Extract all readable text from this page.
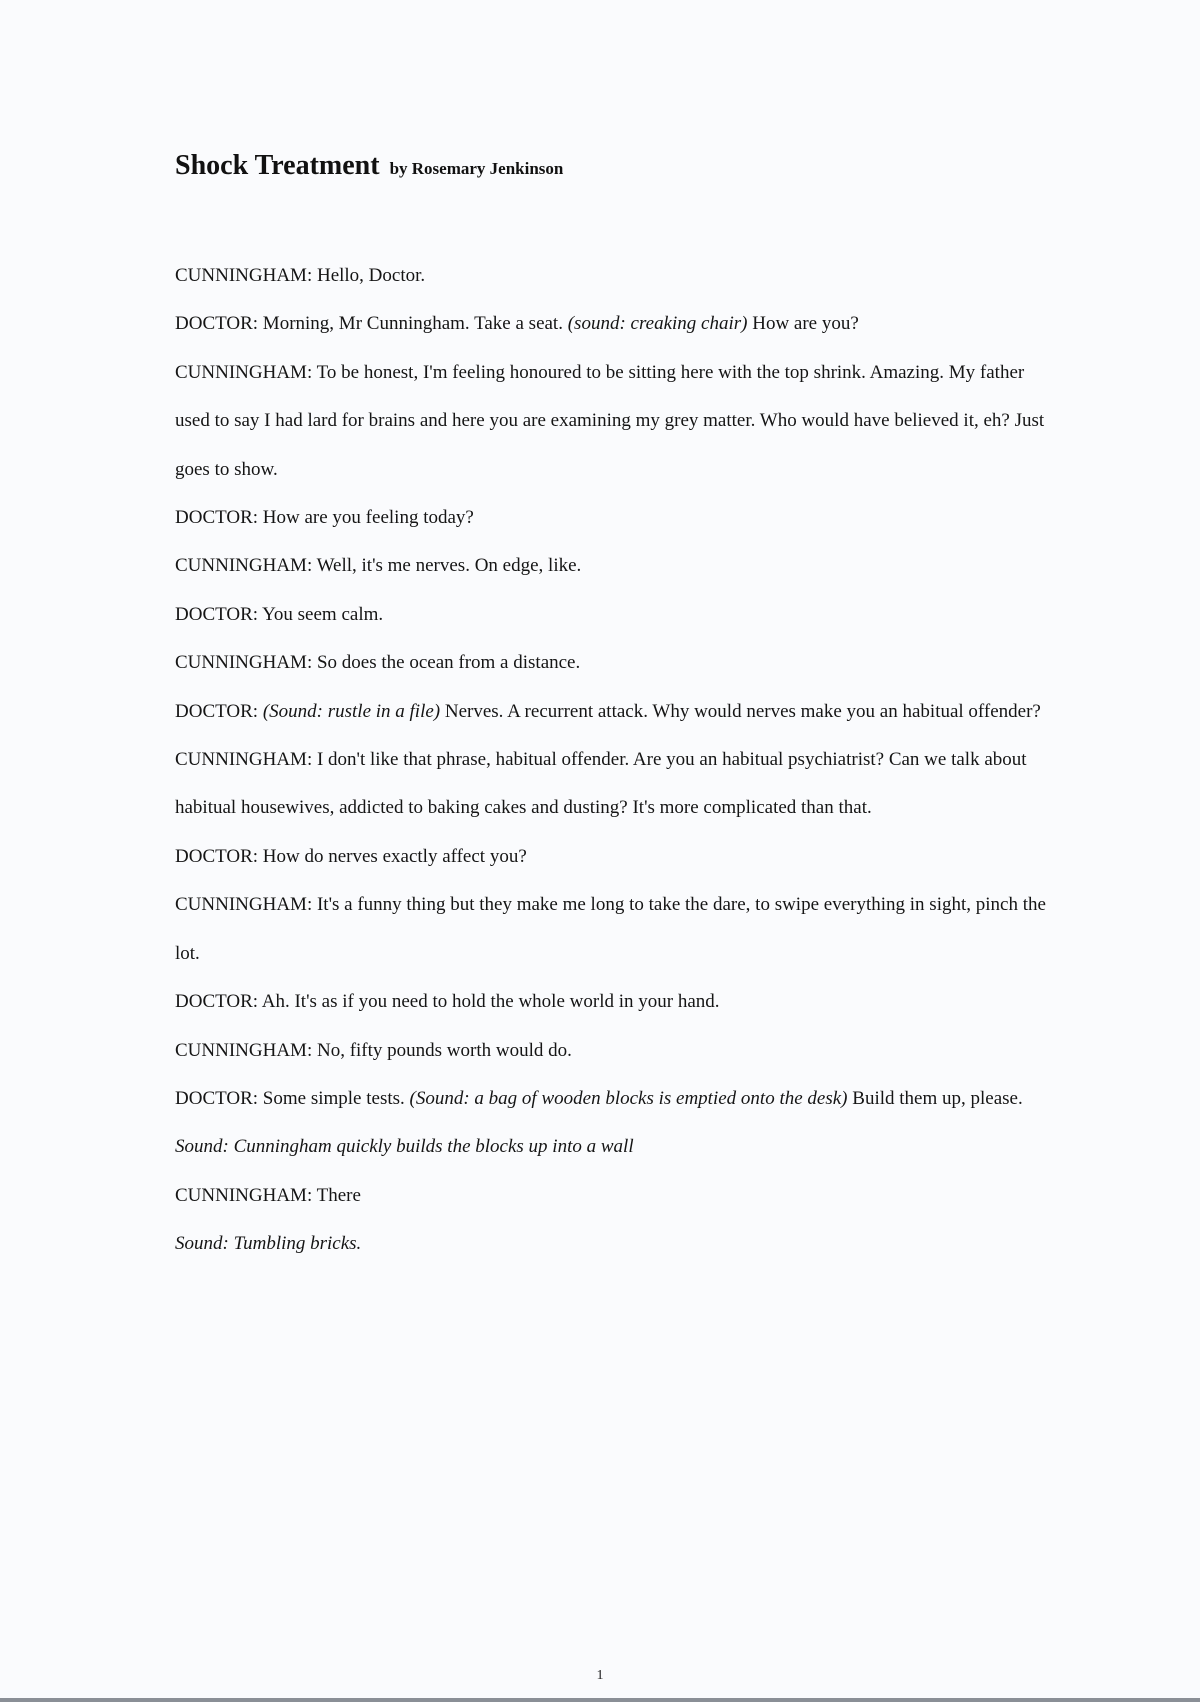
Shock Treatment by Rosemary Jenkinson

CUNNINGHAM: Hello, Doctor.

DOCTOR: Morning, Mr Cunningham. Take a seat. (sound: creaking chair) How are you?

CUNNINGHAM: To be honest, I'm feeling honoured to be sitting here with the top shrink. Amazing. My father used to say I had lard for brains and here you are examining my grey matter. Who would have believed it, eh? Just goes to show.

DOCTOR: How are you feeling today?

CUNNINGHAM: Well, it's me nerves. On edge, like.

DOCTOR: You seem calm.

CUNNINGHAM: So does the ocean from a distance.

DOCTOR: (Sound: rustle in a file) Nerves. A recurrent attack. Why would nerves make you an habitual offender?

CUNNINGHAM: I don't like that phrase, habitual offender. Are you an habitual psychiatrist? Can we talk about habitual housewives, addicted to baking cakes and dusting? It's more complicated than that.

DOCTOR: How do nerves exactly affect you?

CUNNINGHAM: It's a funny thing but they make me long to take the dare, to swipe everything in sight, pinch the lot.

DOCTOR: Ah. It's as if you need to hold the whole world in your hand.

CUNNINGHAM: No, fifty pounds worth would do.

DOCTOR: Some simple tests. (Sound: a bag of wooden blocks is emptied onto the desk) Build them up, please.

Sound: Cunningham quickly builds the blocks up into a wall

CUNNINGHAM: There

Sound: Tumbling bricks.

1
